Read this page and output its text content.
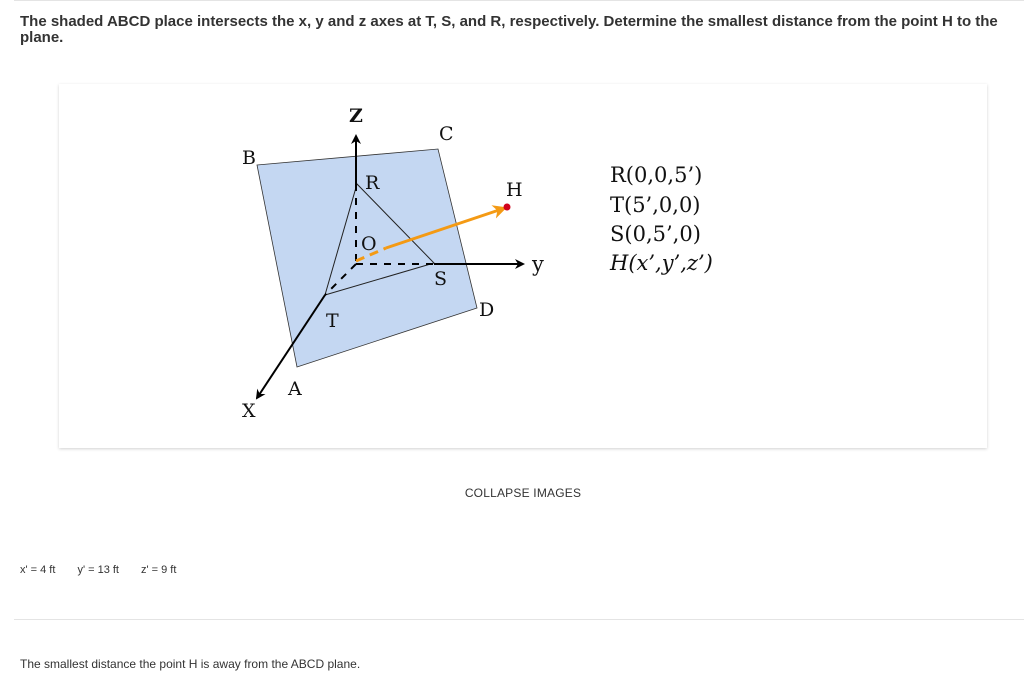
The shaded ABCD place intersects the x, y and z axes at T, S, and R, respectively. Determine the smallest distance from the point H to the plane.

Z
C
B
R	H
O
y
S
D
T
A
X
R(0,0,5’)
T(5’,0,0)
S(0,5’,0)
H(x’,y’,z’)
COLLAPSE IMAGES
x' = 4 ft y' = 13 ft z' = 9 ft
The smallest distance the point H is away from the ABCD plane.
